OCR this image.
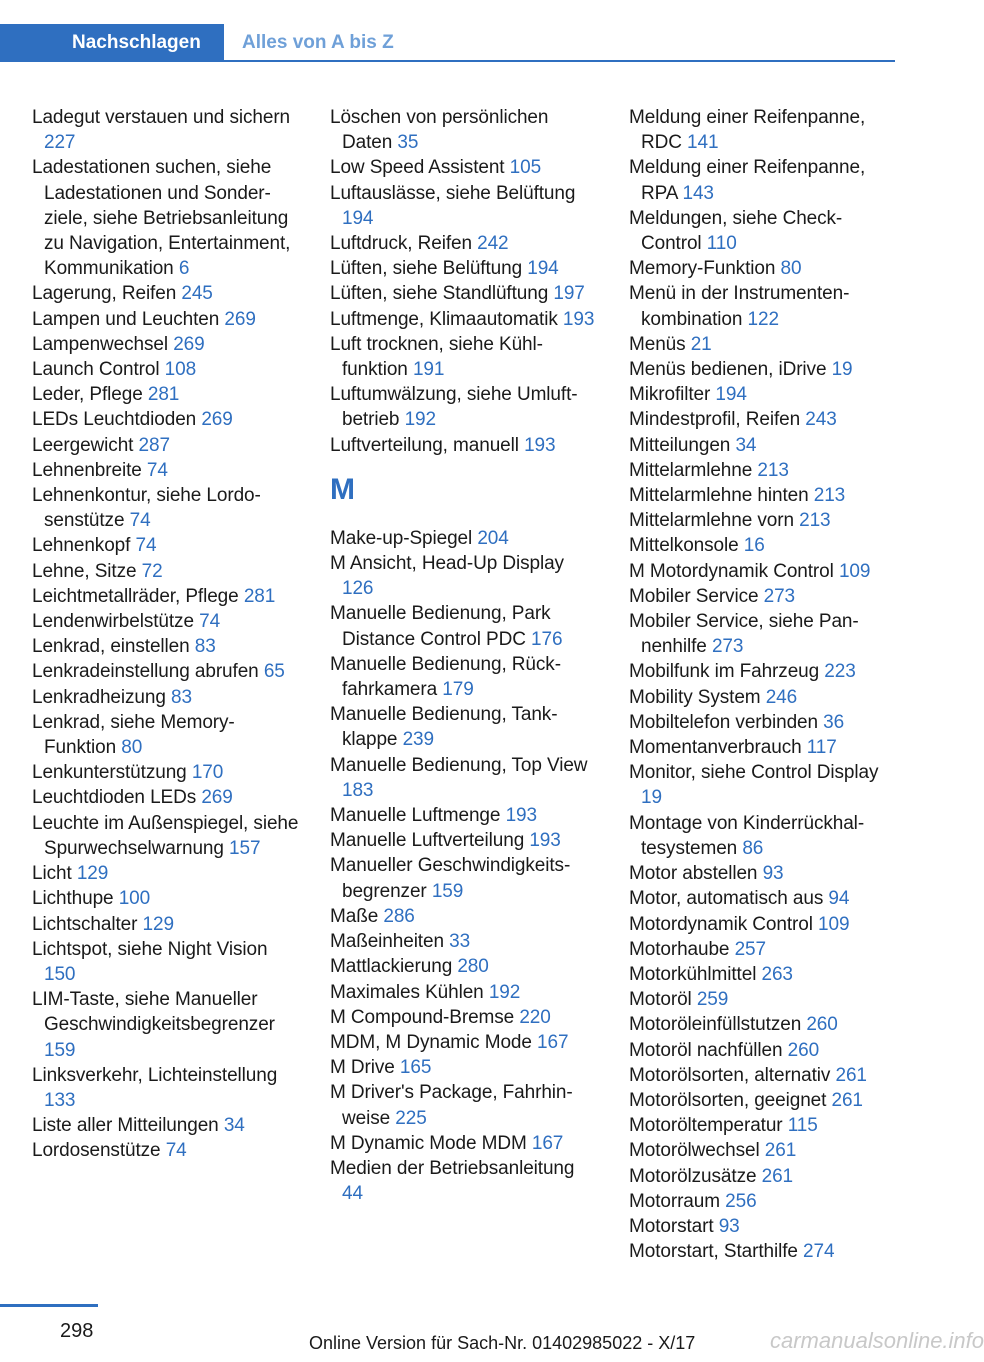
Nachschlagen	Alles von A bis Z
Ladegut verstauen und sichern 227
Ladestationen suchen, siehe Ladestationen und Sonderziele, siehe Betriebsanleitung zu Navigation, Entertainment, Kommunikation 6
Lagerung, Reifen 245
Lampen und Leuchten 269
Lampenwechsel 269
Launch Control 108
Leder, Pflege 281
LEDs Leuchtdioden 269
Leergewicht 287
Lehnenbreite 74
Lehnenkontur, siehe Lordosenstütze 74
Lehnenkopf 74
Lehne, Sitze 72
Leichtmetallräder, Pflege 281
Lendenwirbelstütze 74
Lenkrad, einstellen 83
Lenkradeinstellung abrufen 65
Lenkradheizung 83
Lenkrad, siehe Memory-Funktion 80
Lenkunterstützung 170
Leuchtdioden LEDs 269
Leuchte im Außenspiegel, siehe Spurwechselwarnung 157
Licht 129
Lichthupe 100
Lichtschalter 129
Lichtspot, siehe Night Vision 150
LIM-Taste, siehe Manueller Geschwindigkeitsbegrenzer 159
Linksverkehr, Lichteinstellung 133
Liste aller Mitteilungen 34
Lordosenstütze 74
Löschen von persönlichen Daten 35
Low Speed Assistent 105
Luftauslässe, siehe Belüftung 194
Luftdruck, Reifen 242
Lüften, siehe Belüftung 194
Lüften, siehe Standlüftung 197
Luftmenge, Klimaautomatik 193
Luft trocknen, siehe Kühlfunktion 191
Luftumwälzung, siehe Umluftbetrieb 192
Luftverteilung, manuell 193
M
Make-up-Spiegel 204
M Ansicht, Head-Up Display 126
Manuelle Bedienung, Park Distance Control PDC 176
Manuelle Bedienung, Rückfahrkamera 179
Manuelle Bedienung, Tankklappe 239
Manuelle Bedienung, Top View 183
Manuelle Luftmenge 193
Manuelle Luftverteilung 193
Manueller Geschwindigkeitsbegrenzer 159
Maße 286
Maßeinheiten 33
Mattlackierung 280
Maximales Kühlen 192
M Compound-Bremse 220
MDM, M Dynamic Mode 167
M Drive 165
M Driver's Package, Fahrhinweise 225
M Dynamic Mode MDM 167
Medien der Betriebsanleitung 44
Meldung einer Reifenpanne, RDC 141
Meldung einer Reifenpanne, RPA 143
Meldungen, siehe Check-Control 110
Memory-Funktion 80
Menü in der Instrumentenkombination 122
Menüs 21
Menüs bedienen, iDrive 19
Mikrofilter 194
Mindestprofil, Reifen 243
Mitteilungen 34
Mittelarmlehne 213
Mittelarmlehne hinten 213
Mittelarmlehne vorn 213
Mittelkonsole 16
M Motordynamik Control 109
Mobiler Service 273
Mobiler Service, siehe Pannenhilfe 273
Mobilfunk im Fahrzeug 223
Mobility System 246
Mobiltelefon verbinden 36
Momentanverbrauch 117
Monitor, siehe Control Display 19
Montage von Kinderrückhaltesystemen 86
Motor abstellen 93
Motor, automatisch aus 94
Motordynamik Control 109
Motorhaube 257
Motorkühlmittel 263
Motoröl 259
Motoröleinfüllstutzen 260
Motoröl nachfüllen 260
Motorölsorten, alternativ 261
Motorölsorten, geeignet 261
Motoröltemperatur 115
Motorölwechsel 261
Motorölzusätze 261
Motorraum 256
Motorstart 93
Motorstart, Starthilfe 274
298
Online Version für Sach-Nr. 01402985022 - X/17	carmanualsonline.info
